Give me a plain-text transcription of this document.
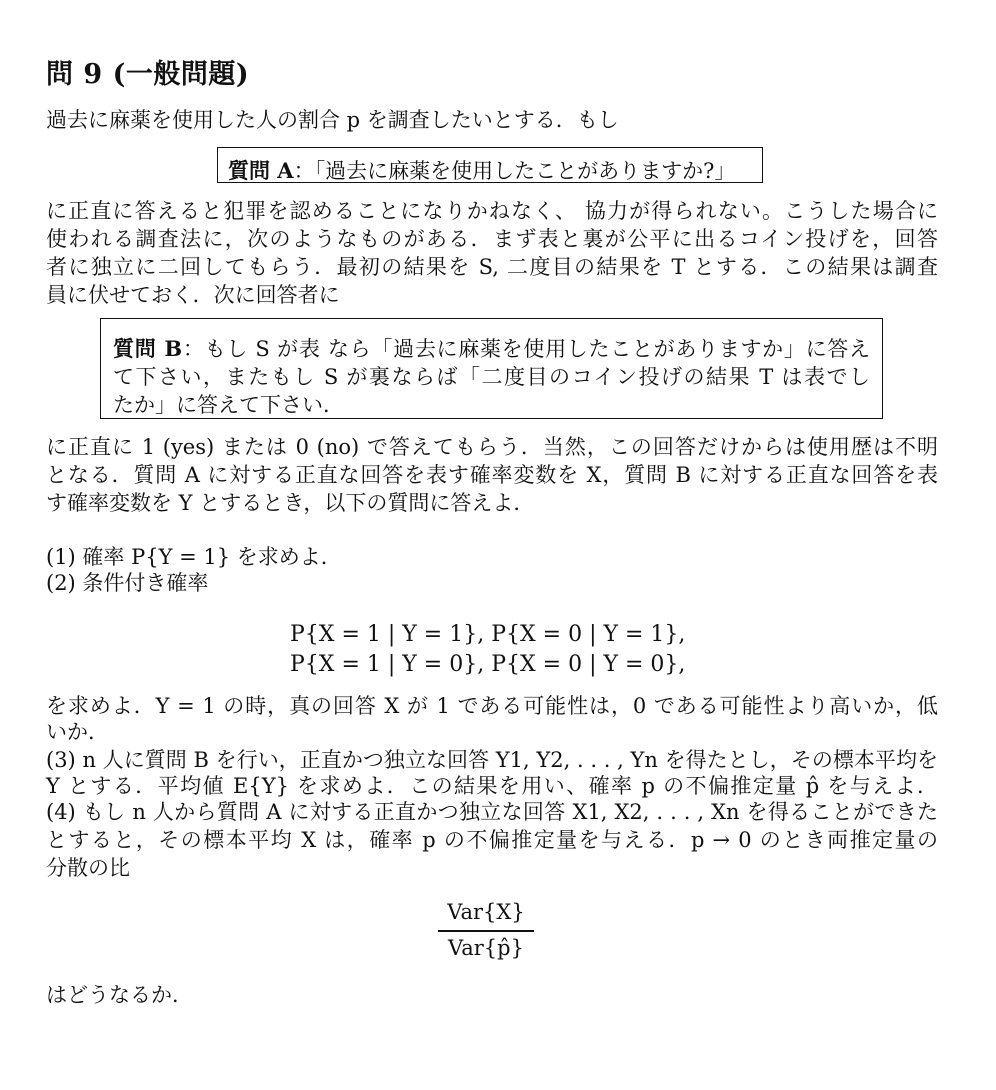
問 9 (一般問題)
過去に麻薬を使用した人の割合 p を調査したいとする．もし
質問 A：「過去に麻薬を使用したことがありますか?」
に正直に答えると犯罪を認めることになりかねなく、 協力が得られない。こうした場合に
使われる調査法に，次のようなものがある．まず表と裏が公平に出るコイン投げを，回答
者に独立に二回してもらう．最初の結果を S, 二度目の結果を T とする．この結果は調査
員に伏せておく．次に回答者に
質問 B：もし S が表 なら「過去に麻薬を使用したことがありますか」に答え
て下さい，またもし S が裏ならば「二度目のコイン投げの結果 T は表でし
たか」に答えて下さい．
に正直に 1 (yes) または 0 (no) で答えてもらう．当然，この回答だけからは使用歴は不明
となる．質問 A に対する正直な回答を表す確率変数を X，質問 B に対する正直な回答を表
す確率変数を Y とするとき，以下の質問に答えよ．
(1) 確率 P{Y = 1} を求めよ．
(2) 条件付き確率
P{X = 1 | Y = 1}, P{X = 0 | Y = 1},
P{X = 1 | Y = 0}, P{X = 0 | Y = 0},
を求めよ．Y = 1 の時，真の回答 X が 1 である可能性は，0 である可能性より高いか，低
いか．
(3) n 人に質問 B を行い，正直かつ独立な回答 Y1, Y2, . . . , Yn を得たとし，その標本平均を
Y とする．平均値 E{Y} を求めよ．この結果を用い、確率 p の不偏推定量 p̂ を与えよ．
(4) もし n 人から質問 A に対する正直かつ独立な回答 X1, X2, . . . , Xn を得ることができた
とすると，その標本平均 X は，確率 p の不偏推定量を与える．p → 0 のとき両推定量の
分散の比
Var{X}
Var{p̂}
はどうなるか．
